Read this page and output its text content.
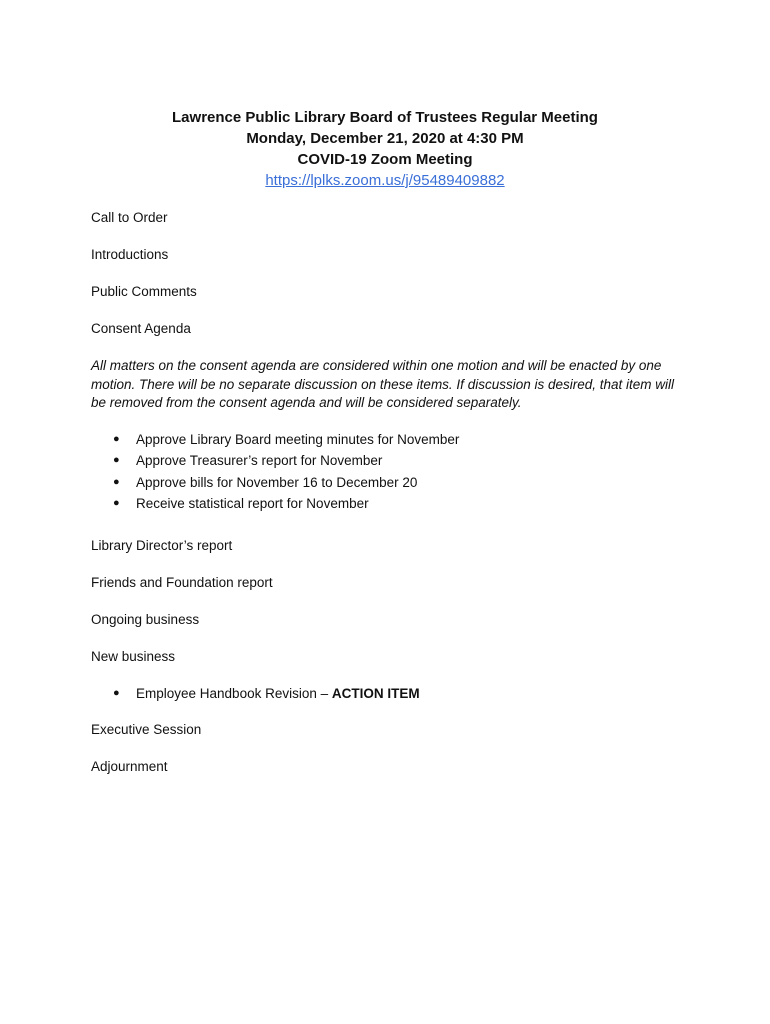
Lawrence Public Library Board of Trustees Regular Meeting
Monday, December 21, 2020 at 4:30 PM
COVID-19 Zoom Meeting
https://lplks.zoom.us/j/95489409882
Call to Order
Introductions
Public Comments
Consent Agenda
All matters on the consent agenda are considered within one motion and will be enacted by one motion. There will be no separate discussion on these items. If discussion is desired, that item will be removed from the consent agenda and will be considered separately.
● Approve Library Board meeting minutes for November
● Approve Treasurer’s report for November
● Approve bills for November 16 to December 20
● Receive statistical report for November
Library Director’s report
Friends and Foundation report
Ongoing business
New business
● Employee Handbook Revision – ACTION ITEM
Executive Session
Adjournment
